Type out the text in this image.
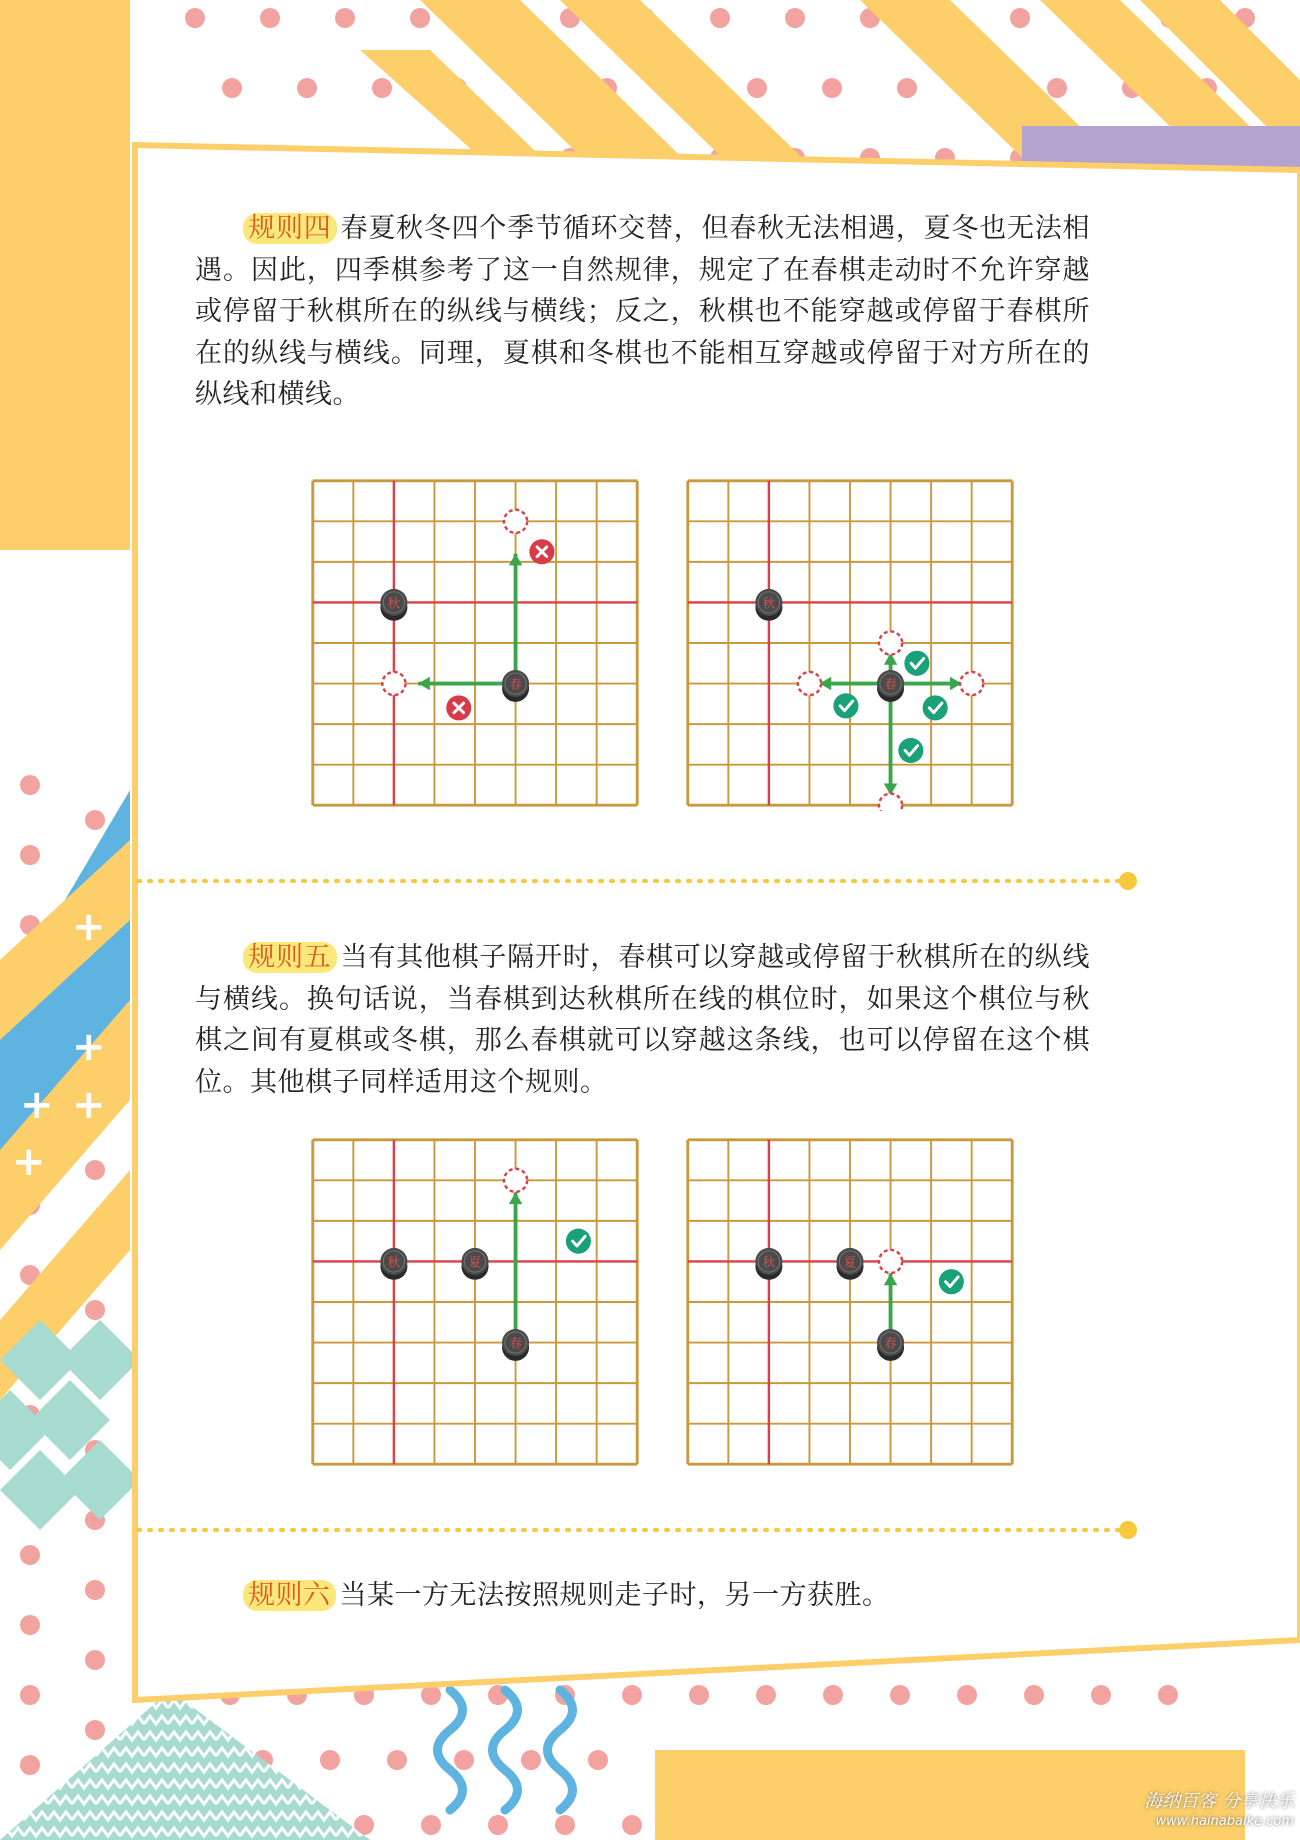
+
+
+
+
+
规则四 春夏秋冬四个季节循环交替，但春秋无法相遇，夏冬也无法相遇。因此，四季棋参考了这一自然规律，规定了在春棋走动时不允许穿越或停留于秋棋所在的纵线与横线；反之，秋棋也不能穿越或停留于春棋所在的纵线与横线。同理，夏棋和冬棋也不能相互穿越或停留于对方所在的纵线和横线。
秋
春
秋
春
规则五 当有其他棋子隔开时，春棋可以穿越或停留于秋棋所在的纵线与横线。换句话说，当春棋到达秋棋所在线的棋位时，如果这个棋位与秋棋之间有夏棋或冬棋，那么春棋就可以穿越这条线，也可以停留在这个棋位。其他棋子同样适用这个规则。
秋	夏
春
秋	夏
春
规则六 当某一方无法按照规则走子时，另一方获胜。
海纳百客 分享快乐
www.hainabaike.com
